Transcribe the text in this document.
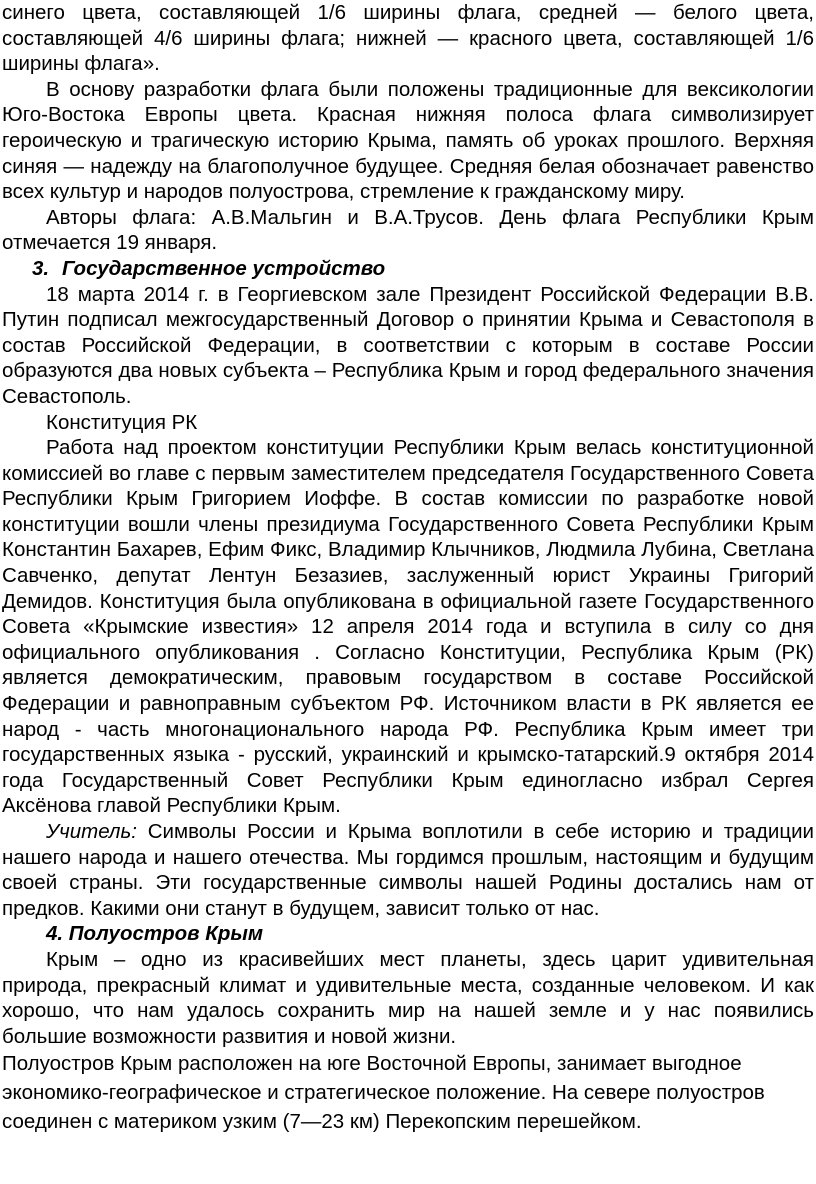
синего цвета, составляющей 1/6 ширины флага, средней — белого цвета, составляющей 4/6 ширины флага; нижней — красного цвета, составляющей 1/6 ширины флага».

В основу разработки флага были положены традиционные для вексикологии Юго-Востока Европы цвета. Красная нижняя полоса флага символизирует героическую и трагическую историю Крыма, память об уроках прошлого. Верхняя синяя — надежду на благополучное будущее. Средняя белая обозначает равенство всех культур и народов полуострова, стремление к гражданскому миру.

Авторы флага: А.В.Мальгин и В.А.Трусов. День флага Республики Крым отмечается 19 января.

3. Государственное устройство

18 марта 2014 г. в Георгиевском зале Президент Российской Федерации В.В. Путин подписал межгосударственный Договор о принятии Крыма и Севастополя в состав Российской Федерации, в соответствии с которым в составе России образуются два новых субъекта – Республика Крым и город федерального значения Севастополь.

Конституция РК

Работа над проектом конституции Республики Крым велась конституционной комиссией во главе с первым заместителем председателя Государственного Совета Республики Крым Григорием Иоффе. В состав комиссии по разработке новой конституции вошли члены президиума Государственного Совета Республики Крым Константин Бахарев, Ефим Фикс, Владимир Клычников, Людмила Лубина, Светлана Савченко, депутат Лентун Безазиев, заслуженный юрист Украины Григорий Демидов. Конституция была опубликована в официальной газете Государственного Совета «Крымские известия» 12 апреля 2014 года и вступила в силу со дня официального опубликования . Согласно Конституции, Республика Крым (РК) является демократическим, правовым государством в составе Российской Федерации и равноправным субъектом РФ. Источником власти в РК является ее народ - часть многонационального народа РФ. Республика Крым имеет три государственных языка - русский, украинский и крымско-татарский.9 октября 2014 года Государственный Совет Республики Крым единогласно избрал Сергея Аксёнова главой Республики Крым.

Учитель: Символы России и Крыма воплотили в себе историю и традиции нашего народа и нашего отечества. Мы гордимся прошлым, настоящим и будущим своей страны. Эти государственные символы нашей Родины достались нам от предков. Какими они станут в будущем, зависит только от нас.

4. Полуостров Крым

Крым – одно из красивейших мест планеты, здесь царит удивительная природа, прекрасный климат и удивительные места, созданные человеком. И как хорошо, что нам удалось сохранить мир на нашей земле и у нас появились большие возможности развития и новой жизни.

Полуостров Крым расположен на юге Восточной Европы, занимает выгодное экономико-географическое и стратегическое положение. На севере полуостров соединен с материком узким (7—23 км) Перекопским перешейком.
